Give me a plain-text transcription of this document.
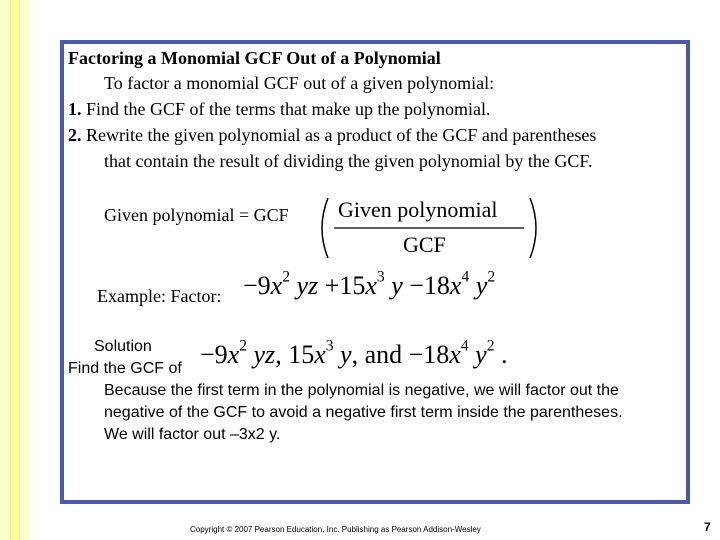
Factoring a Monomial GCF Out of a Polynomial
To factor a monomial GCF out of a given polynomial:
1. Find the GCF of the terms that make up the polynomial.
2. Rewrite the given polynomial as a product of the GCF and parentheses
that contain the result of dividing the given polynomial by the GCF.
Given polynomial = GCF Given polynomial
GCF
Example: Factor: $-9x^2$ yz $+15x^3$ $y -18x^4$ $y^2$
Solution
Find the GCF of $-9x^2$ yz, $15x^3$ y, and $-18x^4$ $y^2$ .
Because the first term in the polynomial is negative, we will factor out the
negative of the GCF to avoid a negative first term inside the parentheses.
We will factor out –3x2 y.
Copyright © 2007 Pearson Education, Inc. Publishing as Pearson Addison-Wesley	7
